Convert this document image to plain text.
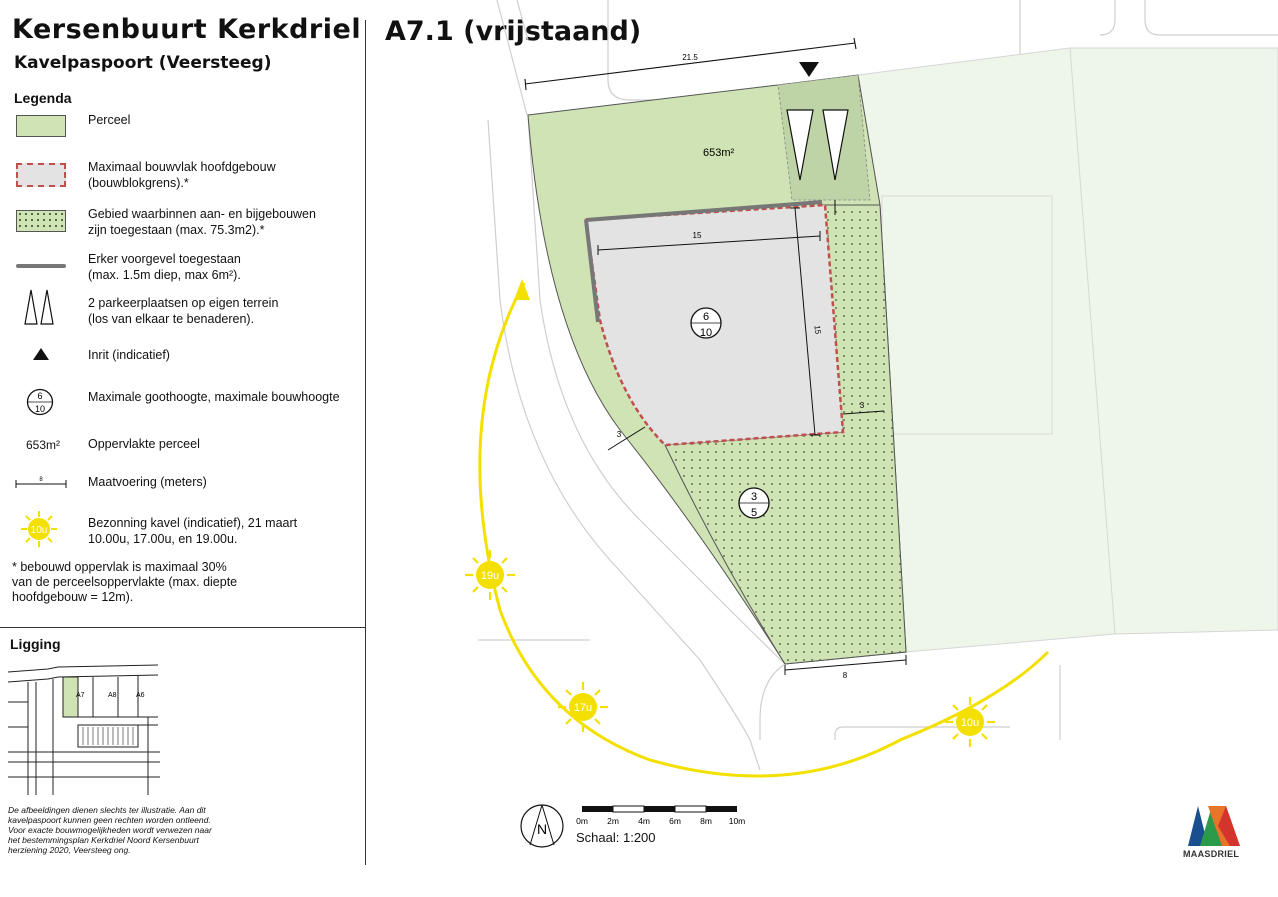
Kersenbuurt Kerkdriel
Kavelpaspoort (Veersteeg)
Legenda
6
10
653m²
8
10u
Perceel
Maximaal bouwvlak hoofdgebouw
(bouwblokgrens).*
Gebied waarbinnen aan- en bijgebouwen
zijn toegestaan (max. 75.3m2).*
Erker voorgevel toegestaan
(max. 1.5m diep, max 6m²).
2 parkeerplaatsen op eigen terrein
(los van elkaar te benaderen).
Inrit (indicatief)
Maximale goothoogte, maximale bouwhoogte
Oppervlakte perceel
Maatvoering (meters)
Bezonning kavel (indicatief), 21 maart
10.00u, 17.00u, en 19.00u.
* bebouwd oppervlak is maximaal 30%
van de perceelsoppervlakte (max. diepte
hoofdgebouw = 12m).
Ligging
A7	A8	A6
De afbeeldingen dienen slechts ter illustratie. Aan dit kavelpaspoort kunnen geen rechten worden ontleend. Voor exacte bouwmogelijkheden wordt verwezen naar het bestemmingsplan Kerkdriel Noord Kersenbuurt herziening 2020, Veersteeg ong.
A7.1 (vrijstaand)
21.5
653m²
15
15
3
3
8
6
10
3
5
19u
17u
10u
N	0m 2m 4m 6m 8m 10m
Schaal: 1:200
MAASDRIEL
